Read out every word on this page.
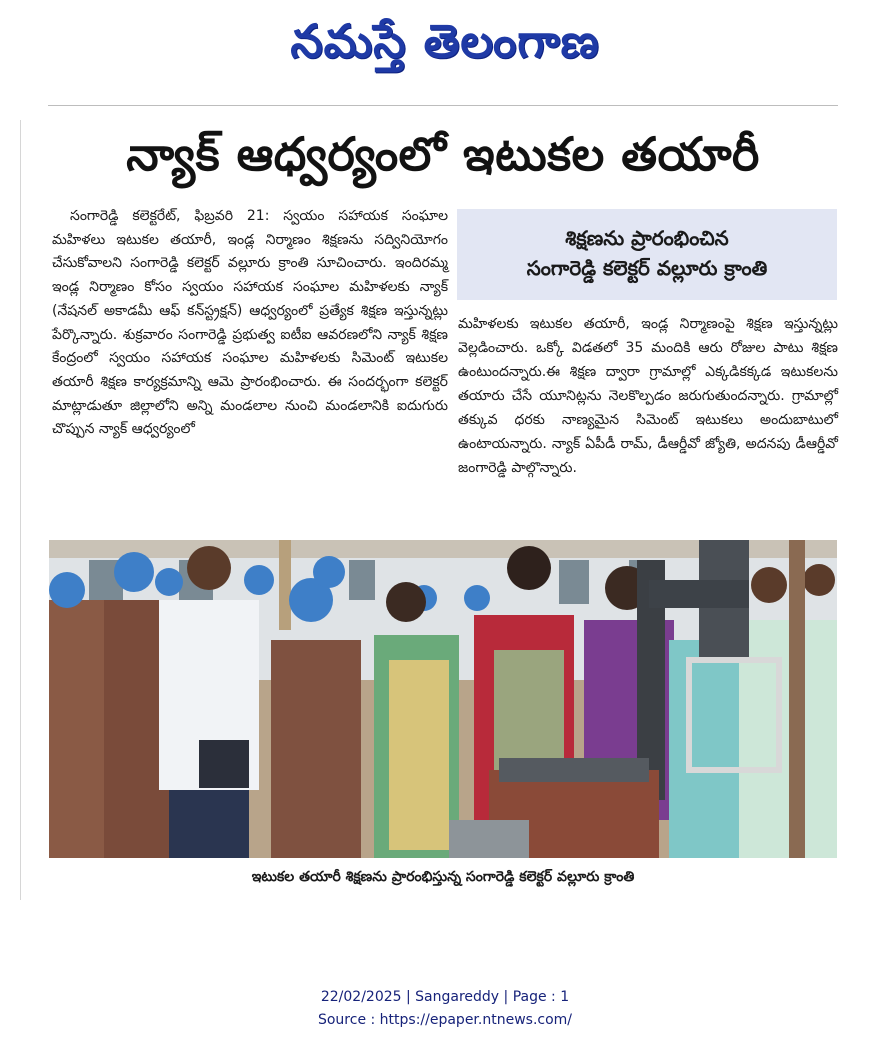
నమస్తే తెలంగాణ
న్యాక్ ఆధ్వర్యంలో ఇటుకల తయారీ

సంగారెడ్డి కలెక్టరేట్, ఫిబ్రవరి 21: స్వయం సహాయక సంఘాల మహిళలు ఇటుకల తయారీ, ఇండ్ల నిర్మాణం శిక్షణను సద్వినియోగం చేసుకోవాలని సంగారెడ్డి కలెక్టర్ వల్లూరు క్రాంతి సూచించారు. ఇందిరమ్మ ఇండ్ల నిర్మాణం కోసం స్వయం సహాయక సంఘాల మహిళలకు న్యాక్ (నేషనల్ అకాడమీ ఆఫ్ కన్‌స్ట్రక్షన్) ఆధ్వర్యంలో ప్రత్యేక శిక్షణ ఇస్తున్నట్లు పేర్కొన్నారు. శుక్రవారం సంగారెడ్డి ప్రభుత్వ ఐటీఐ ఆవరణలోని న్యాక్ శిక్షణ కేంద్రంలో స్వయం సహాయక సంఘాల మహిళలకు సిమెంట్ ఇటుకల తయారీ శిక్షణ కార్యక్రమాన్ని ఆమె ప్రారంభించారు. ఈ సందర్భంగా కలెక్టర్ మాట్లాడుతూ జిల్లాలోని అన్ని మండలాల నుంచి మండలానికి ఐదుగురు చొప్పున న్యాక్ ఆధ్వర్యంలో

శిక్షణను ప్రారంభించిన
సంగారెడ్డి కలెక్టర్ వల్లూరు క్రాంతి

మహిళలకు ఇటుకల తయారీ, ఇండ్ల నిర్మాణంపై శిక్షణ ఇస్తున్నట్లు వెల్లడించారు. ఒక్కో విడతలో 35 మందికి ఆరు రోజుల పాటు శిక్షణ ఉంటుందన్నారు.ఈ శిక్షణ ద్వారా గ్రామాల్లో ఎక్కడికక్కడ ఇటుకలను తయారు చేసే యూనిట్లను నెలకొల్పడం జరుగుతుందన్నారు. గ్రామాల్లో తక్కువ ధరకు నాణ్యమైన సిమెంట్ ఇటుకలు అందుబాటులో ఉంటాయన్నారు. న్యాక్ ఏపీడీ రామ్, డీఆర్డీవో జ్యోతి, అదనపు డీఆర్డీవో జంగారెడ్డి పాల్గొన్నారు.

ఇటుకల తయారీ శిక్షణను ప్రారంభిస్తున్న సంగారెడ్డి కలెక్టర్ వల్లూరు క్రాంతి
22/02/2025 | Sangareddy | Page : 1
Source : https://epaper.ntnews.com/
